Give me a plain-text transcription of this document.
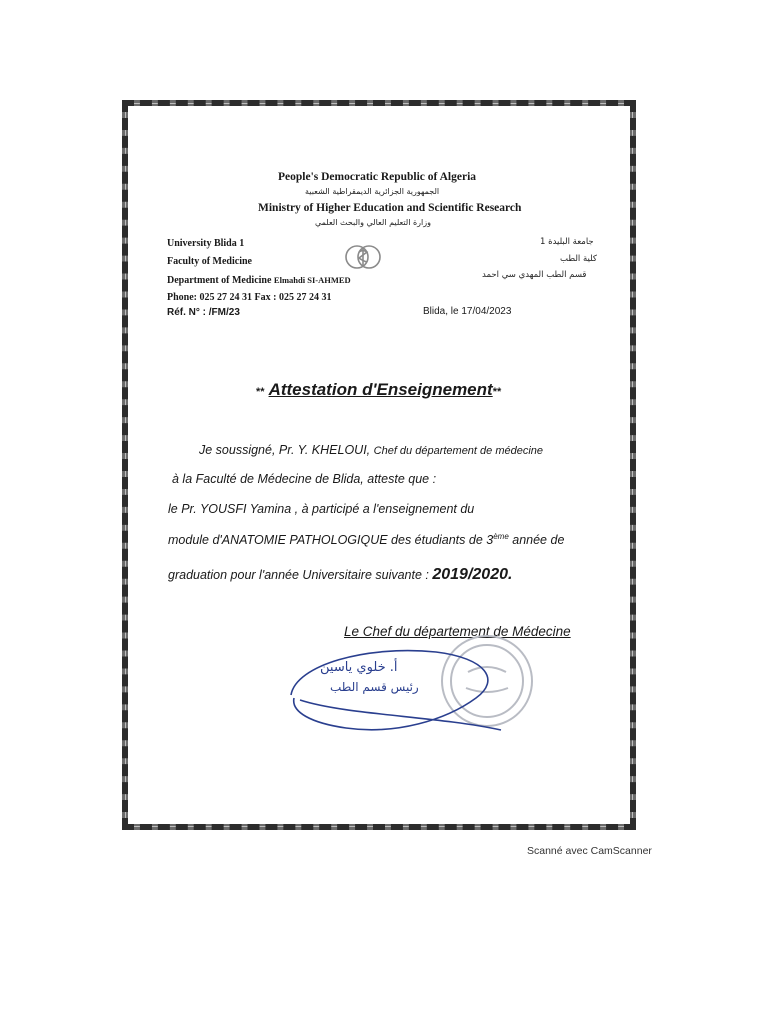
People's Democratic Republic of Algeria
الجمهورية الجزائرية الديمقراطية الشعبية
Ministry of Higher Education and Scientific Research
وزارة التعليم العالي والبحث العلمي
University Blida 1
Faculty of Medicine
Department of Medicine Elmahdi SI-AHMED
Phone: 025 27 24 31 Fax : 025 27 24 31
Réf. N° : /FM/23
جامعة البليدة 1
كلية الطب
قسم الطب المهدي سي احمد
Blida, le 17/04/2023
** Attestation d'Enseignement**
Je soussigné, Pr. Y. KHELOUI, Chef du département de médecine
à la Faculté de Médecine de Blida, atteste que :
le Pr. YOUSFI Yamina , à participé a l'enseignement du
module d'ANATOMIE PATHOLOGIQUE des étudiants de 3ème année de
graduation pour l'année Universitaire suivante : 2019/2020.
Le Chef du département de Médecine
أ. خلوي ياسين
رئيس قسم الطب
Scanné avec CamScanner
